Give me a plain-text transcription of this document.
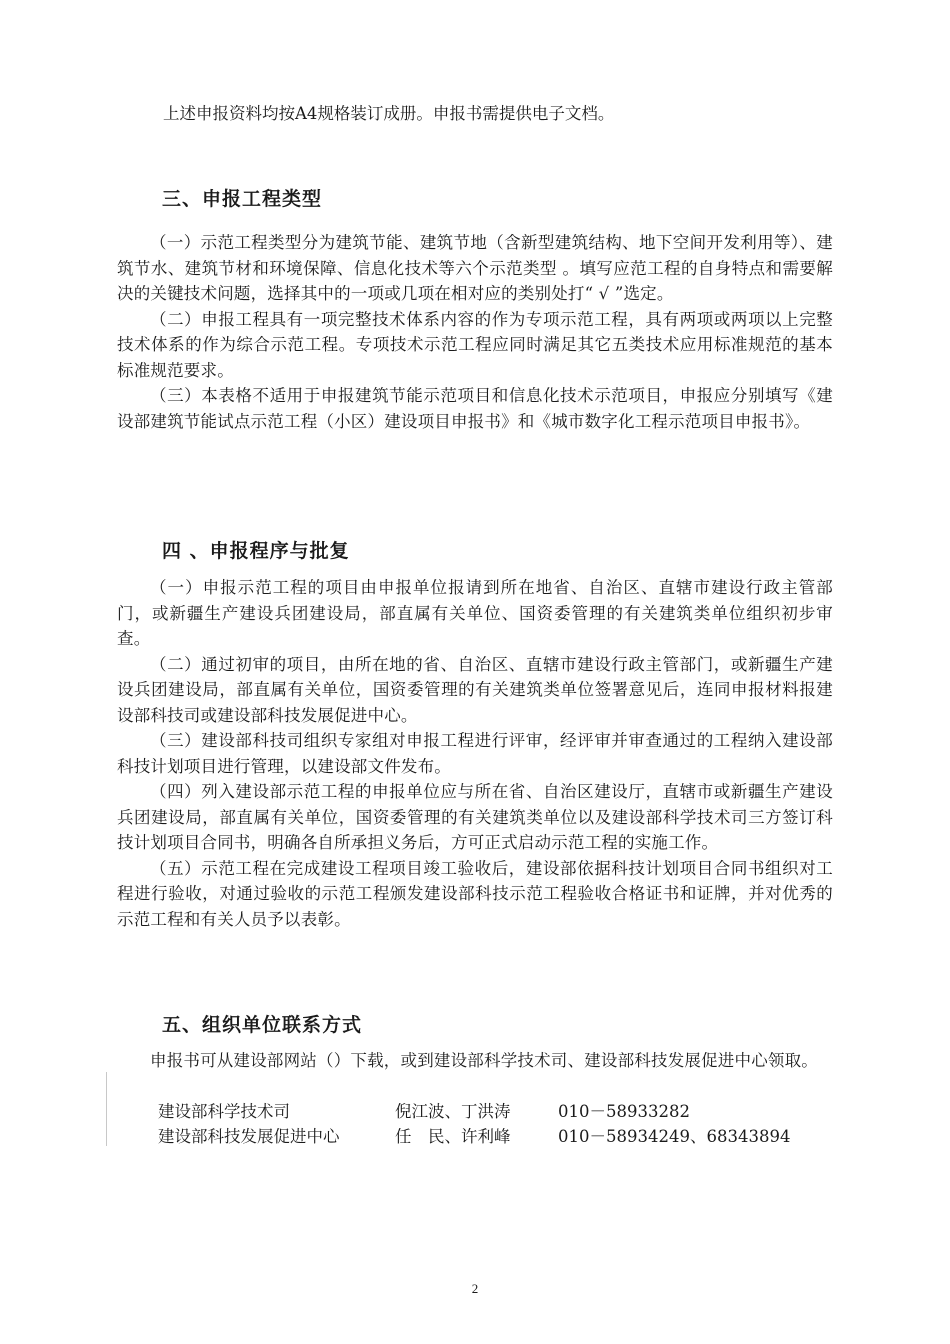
上述申报资料均按A4规格装订成册。申报书需提供电子文档。

三、申报工程类型

（一）示范工程类型分为建筑节能、建筑节地（含新型建筑结构、地下空间开发利用等）、建筑节水、建筑节材和环境保障、信息化技术等六个示范类型 。填写应范工程的自身特点和需要解决的关键技术问题，选择其中的一项或几项在相对应的类别处打“ √ ”选定。

（二）申报工程具有一项完整技术体系内容的作为专项示范工程，具有两项或两项以上完整技术体系的作为综合示范工程。专项技术示范工程应同时满足其它五类技术应用标准规范的基本标准规范要求。

（三）本表格不适用于申报建筑节能示范项目和信息化技术示范项目，申报应分别填写《建设部建筑节能试点示范工程（小区）建设项目申报书》和《城市数字化工程示范项目申报书》。

四 、申报程序与批复

（一）申报示范工程的项目由申报单位报请到所在地省、自治区、直辖市建设行政主管部门，或新疆生产建设兵团建设局，部直属有关单位、国资委管理的有关建筑类单位组织初步审查。

（二）通过初审的项目，由所在地的省、自治区、直辖市建设行政主管部门，或新疆生产建设兵团建设局，部直属有关单位，国资委管理的有关建筑类单位签署意见后，连同申报材料报建设部科技司或建设部科技发展促进中心。

（三）建设部科技司组织专家组对申报工程进行评审，经评审并审查通过的工程纳入建设部科技计划项目进行管理，以建设部文件发布。

（四）列入建设部示范工程的申报单位应与所在省、自治区建设厅，直辖市或新疆生产建设兵团建设局，部直属有关单位，国资委管理的有关建筑类单位以及建设部科学技术司三方签订科技计划项目合同书，明确各自所承担义务后，方可正式启动示范工程的实施工作。

（五）示范工程在完成建设工程项目竣工验收后，建设部依据科技计划项目合同书组织对工程进行验收，对通过验收的示范工程颁发建设部科技示范工程验收合格证书和证牌，并对优秀的示范工程和有关人员予以表彰。

五、组织单位联系方式

申报书可从建设部网站（）下载，或到建设部科学技术司、建设部科技发展促进中心领取。

建设部科学技术司	倪江波、丁洪涛	010－58933282
建设部科技发展促进中心	任　民、许利峰	010－58934249、68343894
2
